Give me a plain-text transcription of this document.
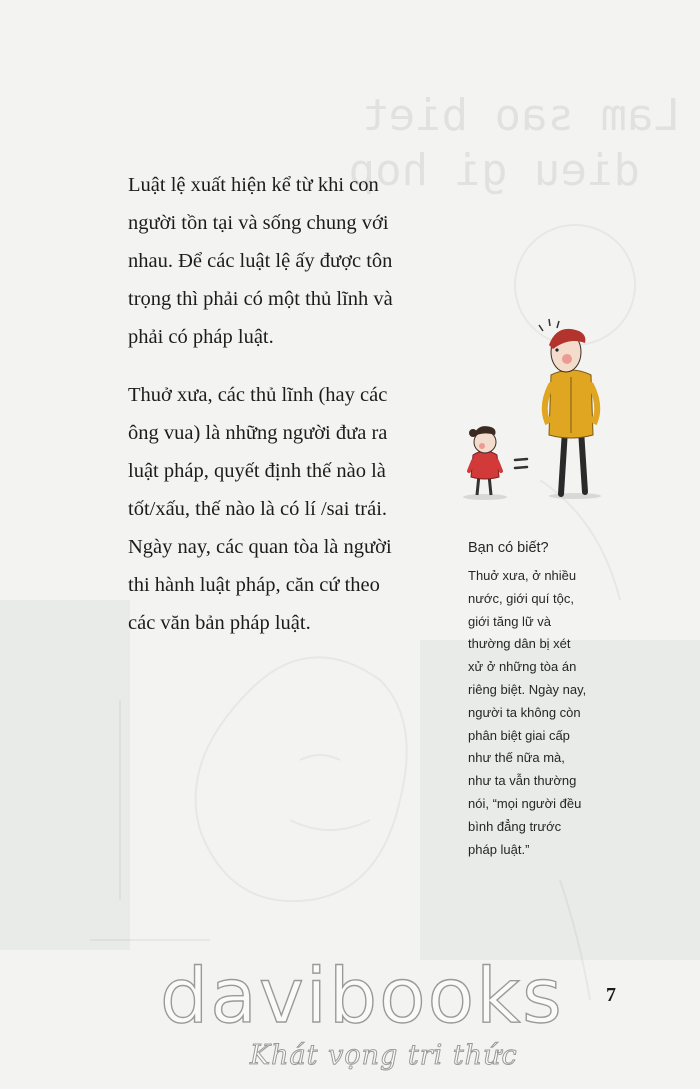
Lam sao biet
dieu gi hop

Luật lệ xuất hiện kể từ khi con
người tồn tại và sống chung với
nhau. Để các luật lệ ấy được tôn
trọng thì phải có một thủ lĩnh và
phải có pháp luật.

Thuở xưa, các thủ lĩnh (hay các
ông vua) là những người đưa ra
luật pháp, quyết định thế nào là
tốt/xấu, thế nào là có lí /sai trái.
Ngày nay, các quan tòa là người
thi hành luật pháp, căn cứ theo
các văn bản pháp luật.

Bạn có biết?
Thuở xưa, ở nhiều
nước, giới quí tộc,
giới tăng lữ và
thường dân bị xét
xử ở những tòa án
riêng biệt. Ngày nay,
người ta không còn
phân biệt giai cấp
như thế nữa mà,
như ta vẫn thường
nói, “mọi người đều
bình đẳng trước
pháp luật.”
7
davibooks
Khát vọng tri thức
